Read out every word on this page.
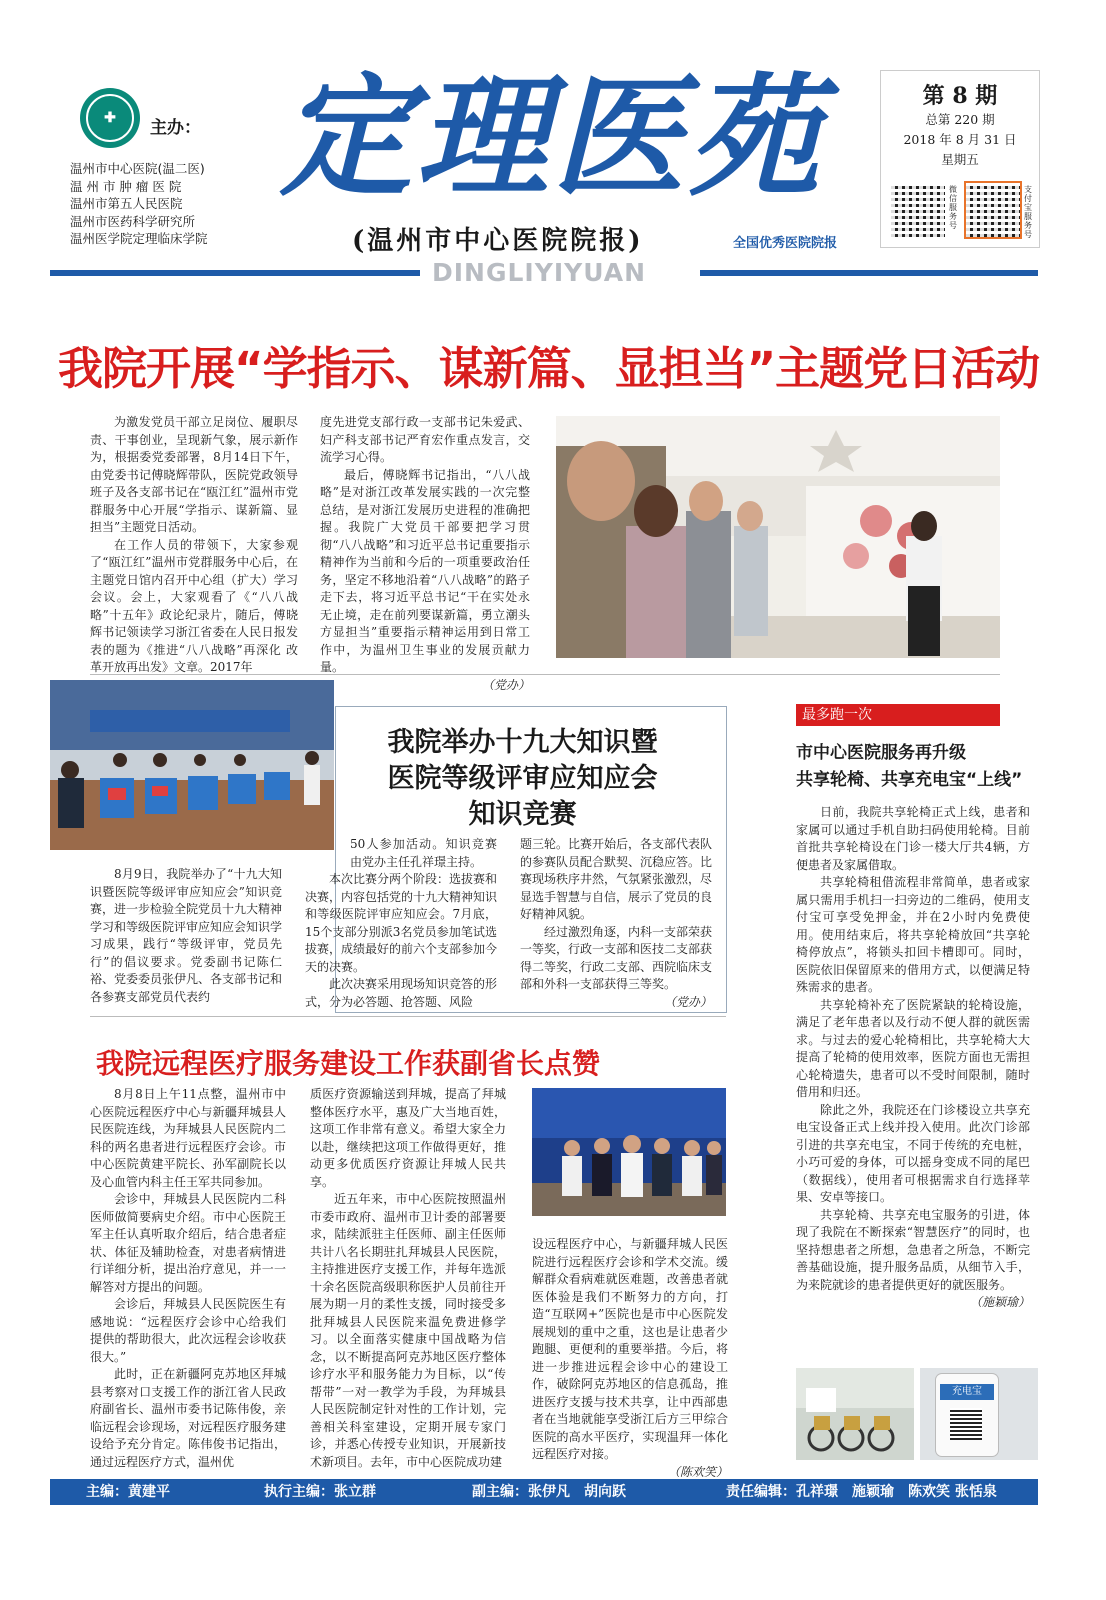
✚	主办：
温州市中心医院(温二医)
温 州 市 肿 瘤 医 院
温州市第五人民医院
温州市医药科学研究所
温州医学院定理临床学院
定理医苑
(温州市中心医院院报)	全国优秀医院院报
DINGLIYIYUAN
第 8 期
总第 220 期
2018 年 8 月 31 日
星期五
微信服务号
支付宝服务号
我院开展“学指示、谋新篇、显担当”主题党日活动

为激发党员干部立足岗位、履职尽责、干事创业，呈现新气象，展示新作为，根据委党委部署，8月14日下午，由党委书记傅晓辉带队，医院党政领导班子及各支部书记在“瓯江红”温州市党群服务中心开展“学指示、谋新篇、显担当”主题党日活动。

在工作人员的带领下，大家参观了“瓯江红”温州市党群服务中心后，在主题党日馆内召开中心组（扩大）学习会议。会上，大家观看了《“八八战略”十五年》政论纪录片，随后，傅晓辉书记领读学习浙江省委在人民日报发表的题为《推进“八八战略”再深化 改革开放再出发》文章。2017年

度先进党支部行政一支部书记朱爱武、妇产科支部书记严育宏作重点发言，交流学习心得。

最后，傅晓辉书记指出，“八八战略”是对浙江改革发展实践的一次完整总结，是对浙江发展历史进程的准确把握。我院广大党员干部要把学习贯彻“八八战略”和习近平总书记重要指示精神作为当前和今后的一项重要政治任务，坚定不移地沿着“八八战略”的路子走下去，将习近平总书记“干在实处永无止境，走在前列要谋新篇，勇立潮头方显担当”重要指示精神运用到日常工作中，为温州卫生事业的发展贡献力量。

（党办）
我院举办十九大知识暨
医院等级评审应知应会
知识竞赛

8月9日，我院举办了“十九大知识暨医院等级评审应知应会”知识竞赛，进一步检验全院党员十九大精神学习和等级医院评审应知应会知识学习成果，践行“等级评审，党员先行”的倡议要求。党委副书记陈仁裕、党委委员张伊凡、各支部书记和各参赛支部党员代表约

50人参加活动。知识竞赛由党办主任孔祥璟主持。

本次比赛分两个阶段：选拔赛和决赛，内容包括党的十九大精神知识和等级医院评审应知应会。7月底，15个支部分别派3名党员参加笔试选拔赛，成绩最好的前六个支部参加今天的决赛。

此次决赛采用现场知识竞答的形式，分为必答题、抢答题、风险

题三轮。比赛开始后，各支部代表队的参赛队员配合默契、沉稳应答。比赛现场秩序井然，气氛紧张激烈，尽显选手智慧与自信，展示了党员的良好精神风貌。

经过激烈角逐，内科一支部荣获一等奖，行政一支部和医技二支部获得二等奖，行政二支部、西院临床支部和外科一支部获得三等奖。

（党办）
我院远程医疗服务建设工作获副省长点赞

8月8日上午11点整，温州市中心医院远程医疗中心与新疆拜城县人民医院连线，为拜城县人民医院内二科的两名患者进行远程医疗会诊。市中心医院黄建平院长、孙军副院长以及心血管内科主任王军共同参加。

会诊中，拜城县人民医院内二科医师做简要病史介绍。市中心医院王军主任认真听取介绍后，结合患者症状、体征及辅助检查，对患者病情进行详细分析，提出治疗意见，并一一解答对方提出的问题。

会诊后，拜城县人民医院医生有感地说：“远程医疗会诊中心给我们提供的帮助很大，此次远程会诊收获很大。”

此时，正在新疆阿克苏地区拜城县考察对口支援工作的浙江省人民政府副省长、温州市委书记陈伟俊，亲临远程会诊现场，对远程医疗服务建设给予充分肯定。陈伟俊书记指出，通过远程医疗方式，温州优

质医疗资源输送到拜城，提高了拜城整体医疗水平，惠及广大当地百姓，这项工作非常有意义。希望大家全力以赴，继续把这项工作做得更好，推动更多优质医疗资源让拜城人民共享。

近五年来，市中心医院按照温州市委市政府、温州市卫计委的部署要求，陆续派驻主任医师、副主任医师共计八名长期驻扎拜城县人民医院，主持推进医疗支援工作，并每年选派十余名医院高级职称医护人员前往开展为期一月的柔性支援，同时接受多批拜城县人民医院来温免费进修学习。以全面落实健康中国战略为信念，以不断提高阿克苏地区医疗整体诊疗水平和服务能力为目标，以“传帮带”一对一教学为手段，为拜城县人民医院制定针对性的工作计划，完善相关科室建设，定期开展专家门诊，并悉心传授专业知识，开展新技术新项目。去年，市中心医院成功建

设远程医疗中心，与新疆拜城人民医院进行远程医疗会诊和学术交流。缓解群众看病难就医难题，改善患者就医体验是我们不断努力的方向，打造“互联网+”医院也是市中心医院发展规划的重中之重，这也是让患者少跑腿、更便利的重要举措。今后，将进一步推进远程会诊中心的建设工作，破除阿克苏地区的信息孤岛，推进医疗支援与技术共享，让中西部患者在当地就能享受浙江后方三甲综合医院的高水平医疗，实现温拜一体化远程医疗对接。

（陈欢笑）
最多跑一次
市中心医院服务再升级
共享轮椅、共享充电宝“上线”

日前，我院共享轮椅正式上线，患者和家属可以通过手机自助扫码使用轮椅。目前首批共享轮椅设在门诊一楼大厅共4辆，方便患者及家属借取。

共享轮椅租借流程非常简单，患者或家属只需用手机扫一扫旁边的二维码，使用支付宝可享受免押金，并在2小时内免费使用。使用结束后，将共享轮椅放回“共享轮椅停放点”，将锁头扣回卡槽即可。同时，医院依旧保留原来的借用方式，以便满足特殊需求的患者。

共享轮椅补充了医院紧缺的轮椅设施，满足了老年患者以及行动不便人群的就医需求。与过去的爱心轮椅相比，共享轮椅大大提高了轮椅的使用效率，医院方面也无需担心轮椅遗失，患者可以不受时间限制，随时借用和归还。

除此之外，我院还在门诊楼设立共享充电宝设备正式上线并投入使用。此次门诊部引进的共享充电宝，不同于传统的充电桩，小巧可爱的身体，可以摇身变成不同的尾巴（数据线），使用者可根据需求自行选择苹果、安卓等接口。

共享轮椅、共享充电宝服务的引进，体现了我院在不断探索“智慧医疗”的同时，也坚持想患者之所想，急患者之所急，不断完善基础设施，提升服务品质，从细节入手，为来院就诊的患者提供更好的就医服务。

（施颖瑜）
充电宝
主编：黄建平	执行主编：张立群	副主编：张伊凡　胡向跃	责任编辑：孔祥璟　施颖瑜　陈欢笑 张恬泉
